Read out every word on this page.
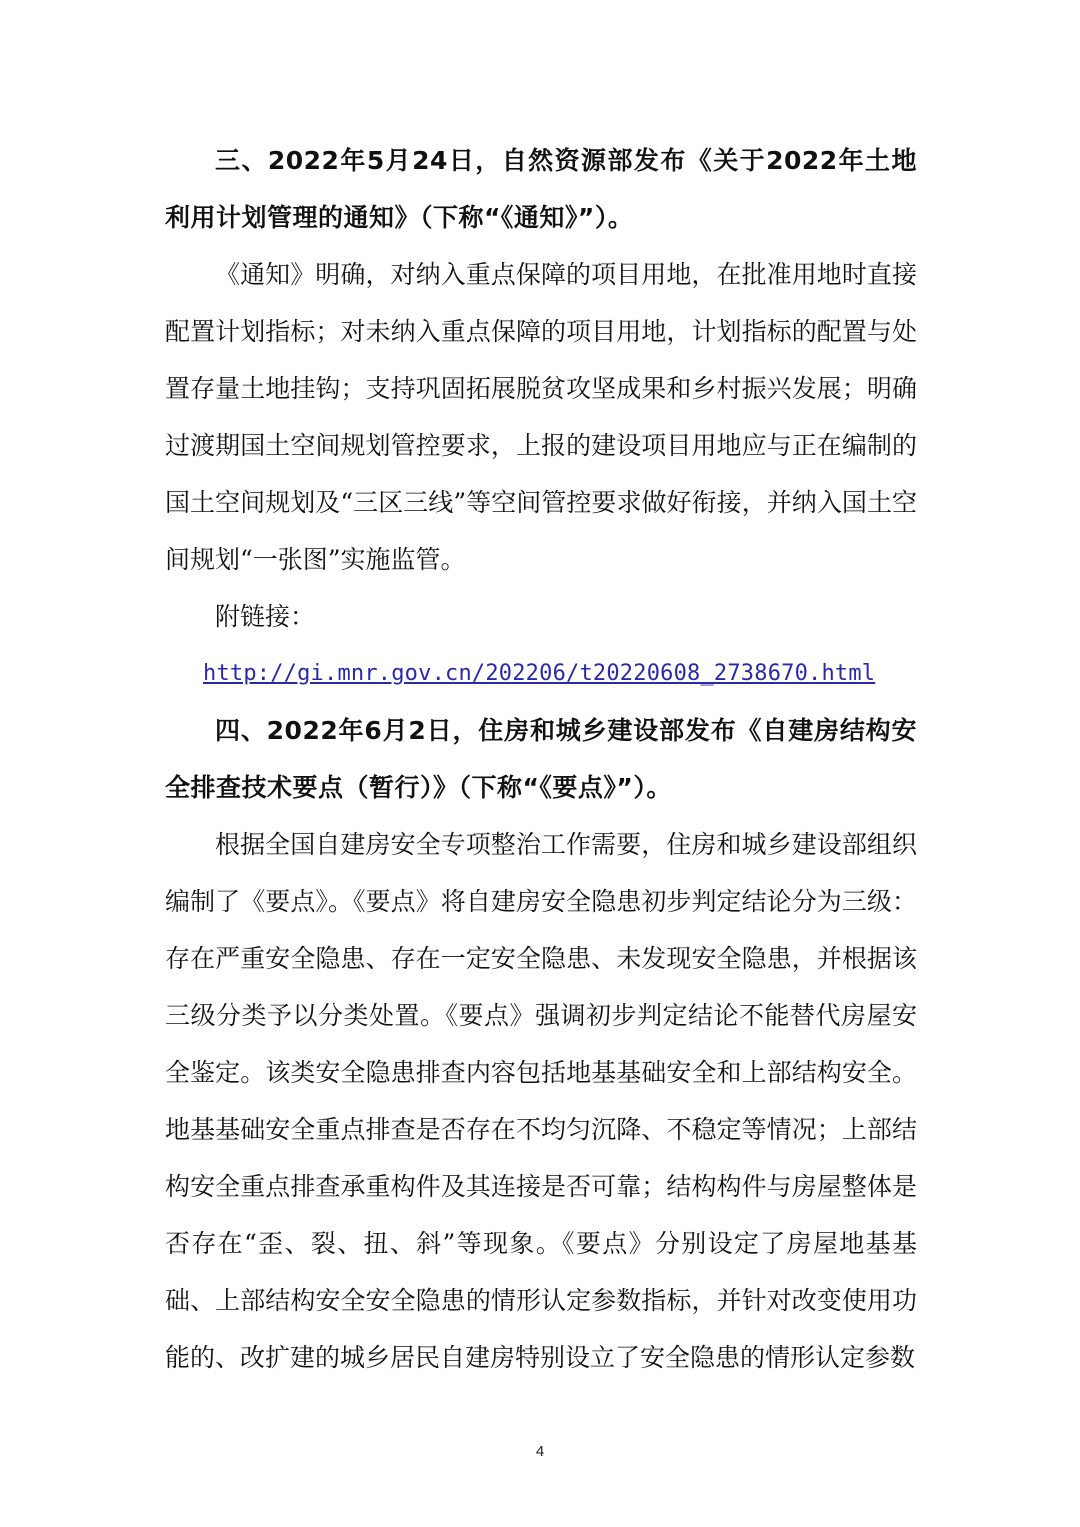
三、2022年5月24日，自然资源部发布《关于2022年土地利用计划管理的通知》（下称“《通知》”）。

《通知》明确，对纳入重点保障的项目用地，在批准用地时直接配置计划指标；对未纳入重点保障的项目用地，计划指标的配置与处置存量土地挂钩；支持巩固拓展脱贫攻坚成果和乡村振兴发展；明确过渡期国土空间规划管控要求，上报的建设项目用地应与正在编制的国土空间规划及“三区三线”等空间管控要求做好衔接，并纳入国土空间规划“一张图”实施监管。

附链接：

http://gi.mnr.gov.cn/202206/t20220608_2738670.html

四、2022年6月2日，住房和城乡建设部发布《自建房结构安全排查技术要点（暂行）》（下称“《要点》”）。

根据全国自建房安全专项整治工作需要，住房和城乡建设部组织编制了《要点》。《要点》将自建房安全隐患初步判定结论分为三级：存在严重安全隐患、存在一定安全隐患、未发现安全隐患，并根据该三级分类予以分类处置。《要点》强调初步判定结论不能替代房屋安全鉴定。该类安全隐患排查内容包括地基基础安全和上部结构安全。地基基础安全重点排查是否存在不均匀沉降、不稳定等情况；上部结构安全重点排查承重构件及其连接是否可靠；结构构件与房屋整体是否存在“歪、裂、扭、斜”等现象。《要点》分别设定了房屋地基基础、上部结构安全安全隐患的情形认定参数指标，并针对改变使用功能的、改扩建的城乡居民自建房特别设立了安全隐患的情形认定参数

4
